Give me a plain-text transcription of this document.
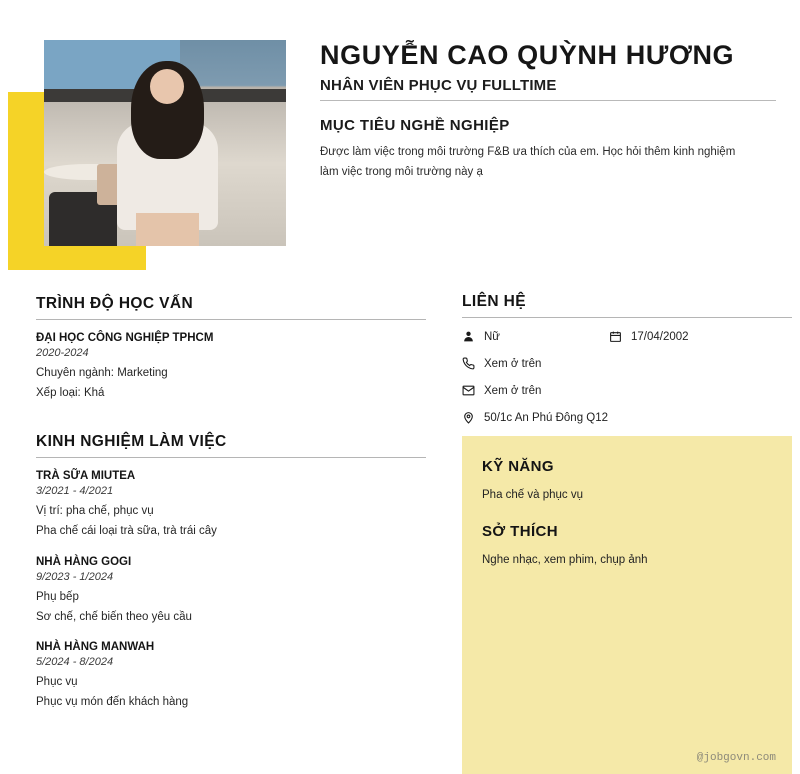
NGUYỄN CAO QUỲNH HƯƠNG
NHÂN VIÊN PHỤC VỤ FULLTIME
MỤC TIÊU NGHỀ NGHIỆP
Được làm việc trong môi trường F&B ưa thích của em. Học hỏi thêm kinh nghiệm làm việc trong môi trường này ạ
TRÌNH ĐỘ HỌC VẤN
ĐẠI HỌC CÔNG NGHIỆP TPHCM
2020-2024
Chuyên ngành: Marketing
Xếp loại: Khá
KINH NGHIỆM LÀM VIỆC
TRÀ SỮA MIUTEA
3/2021 - 4/2021
Vị trí: pha chế, phục vụ
Pha chế cái loại trà sữa, trà trái cây
NHÀ HÀNG GOGI
9/2023 - 1/2024
Phụ bếp
Sơ chế, chế biến theo yêu cầu
NHÀ HÀNG MANWAH
5/2024 - 8/2024
Phục vụ
Phục vụ món đến khách hàng
LIÊN HỆ
Nữ	17/04/2002
Xem ở trên
Xem ở trên
50/1c An Phú Đông Q12
KỸ NĂNG
Pha chế và phục vụ
SỞ THÍCH
Nghe nhạc, xem phim, chụp ảnh
@jobgovn.com
